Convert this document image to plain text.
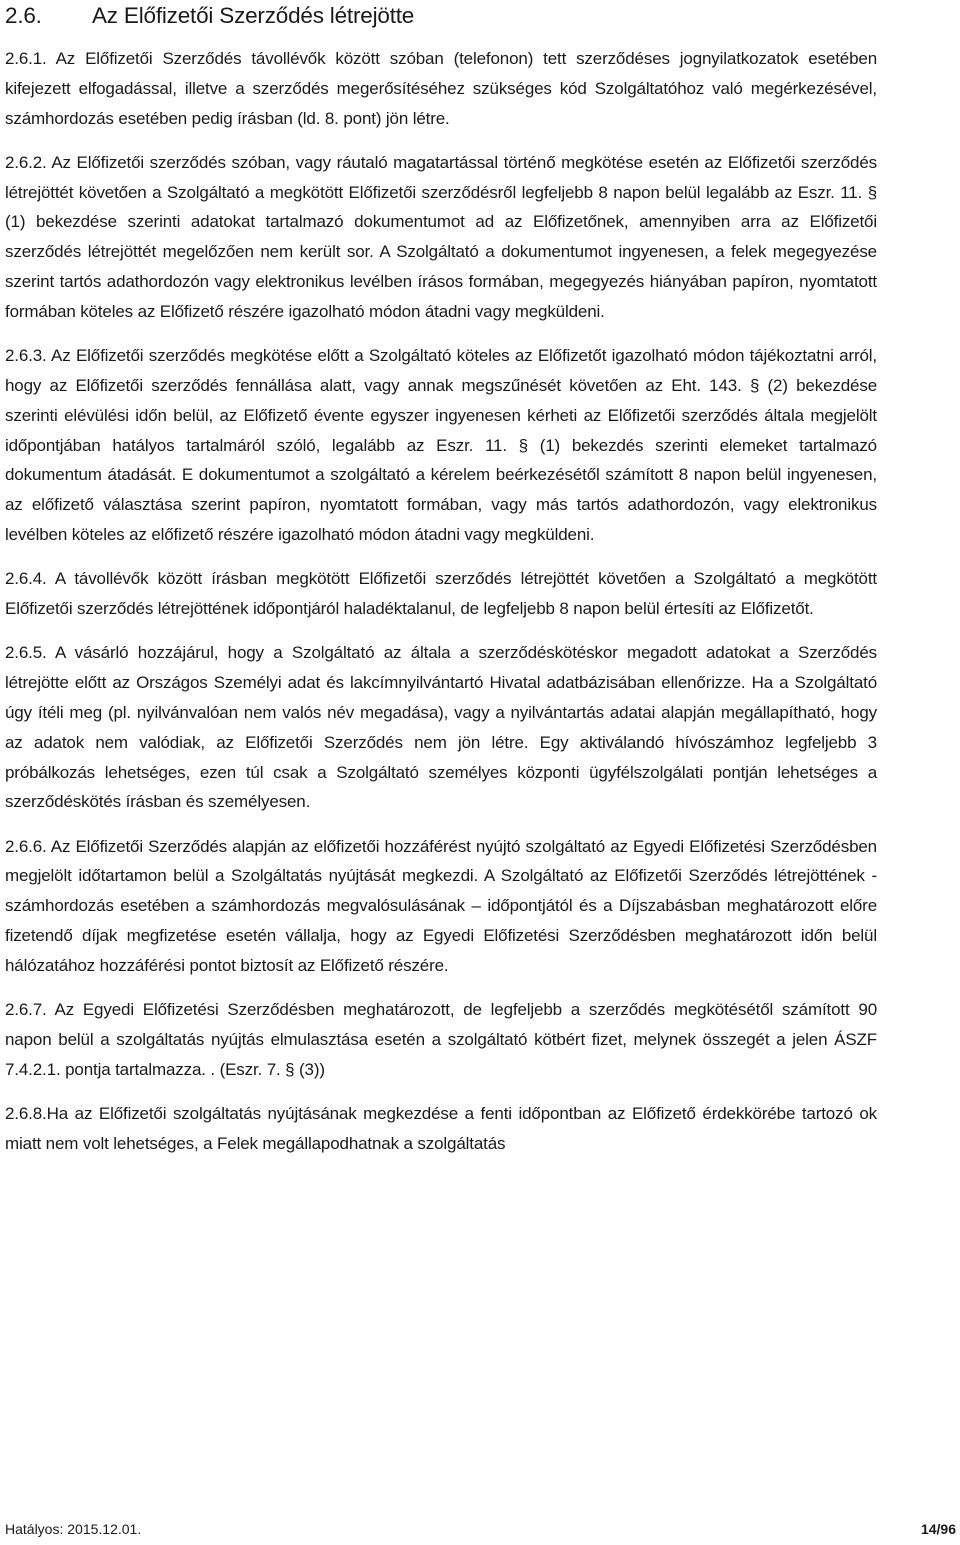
2.6. Az Előfizetői Szerződés létrejötte

2.6.1. Az Előfizetői Szerződés távollévők között szóban (telefonon) tett szerződéses jognyilatkozatok esetében kifejezett elfogadással, illetve a szerződés megerősítéséhez szükséges kód Szolgáltatóhoz való megérkezésével, számhordozás esetében pedig írásban (ld. 8. pont) jön létre.

2.6.2. Az Előfizetői szerződés szóban, vagy ráutaló magatartással történő megkötése esetén az Előfizetői szerződés létrejöttét követően a Szolgáltató a megkötött Előfizetői szerződésről legfeljebb 8 napon belül legalább az Eszr. 11. § (1) bekezdése szerinti adatokat tartalmazó dokumentumot ad az Előfizetőnek, amennyiben arra az Előfizetői szerződés létrejöttét megelőzően nem került sor. A Szolgáltató a dokumentumot ingyenesen, a felek megegyezése szerint tartós adathordozón vagy elektronikus levélben írásos formában, megegyezés hiányában papíron, nyomtatott formában köteles az Előfizető részére igazolható módon átadni vagy megküldeni.

2.6.3. Az Előfizetői szerződés megkötése előtt a Szolgáltató köteles az Előfizetőt igazolható módon tájékoztatni arról, hogy az Előfizetői szerződés fennállása alatt, vagy annak megszűnését követően az Eht. 143. § (2) bekezdése szerinti elévülési időn belül, az Előfizető évente egyszer ingyenesen kérheti az Előfizetői szerződés általa megjelölt időpontjában hatályos tartalmáról szóló, legalább az Eszr. 11. § (1) bekezdés szerinti elemeket tartalmazó dokumentum átadását. E dokumentumot a szolgáltató a kérelem beérkezésétől számított 8 napon belül ingyenesen, az előfizető választása szerint papíron, nyomtatott formában, vagy más tartós adathordozón, vagy elektronikus levélben köteles az előfizető részére igazolható módon átadni vagy megküldeni.

2.6.4. A távollévők között írásban megkötött Előfizetői szerződés létrejöttét követően a Szolgáltató a megkötött Előfizetői szerződés létrejöttének időpontjáról haladéktalanul, de legfeljebb 8 napon belül értesíti az Előfizetőt.

2.6.5. A vásárló hozzájárul, hogy a Szolgáltató az általa a szerződéskötéskor megadott adatokat a Szerződés létrejötte előtt az Országos Személyi adat és lakcímnyilvántartó Hivatal adatbázisában ellenőrizze. Ha a Szolgáltató úgy ítéli meg (pl. nyilvánvalóan nem valós név megadása), vagy a nyilvántartás adatai alapján megállapítható, hogy az adatok nem valódiak, az Előfizetői Szerződés nem jön létre. Egy aktiválandó hívószámhoz legfeljebb 3 próbálkozás lehetséges, ezen túl csak a Szolgáltató személyes központi ügyfélszolgálati pontján lehetséges a szerződéskötés írásban és személyesen.

2.6.6. Az Előfizetői Szerződés alapján az előfizetői hozzáférést nyújtó szolgáltató az Egyedi Előfizetési Szerződésben megjelölt időtartamon belül a Szolgáltatás nyújtását megkezdi. A Szolgáltató az Előfizetői Szerződés létrejöttének - számhordozás esetében a számhordozás megvalósulásának – időpontjától és a Díjszabásban meghatározott előre fizetendő díjak megfizetése esetén vállalja, hogy az Egyedi Előfizetési Szerződésben meghatározott időn belül hálózatához hozzáférési pontot biztosít az Előfizető részére.

2.6.7. Az Egyedi Előfizetési Szerződésben meghatározott, de legfeljebb a szerződés megkötésétől számított 90 napon belül a szolgáltatás nyújtás elmulasztása esetén a szolgáltató kötbért fizet, melynek összegét a jelen ÁSZF 7.4.2.1. pontja tartalmazza. . (Eszr. 7. § (3))

2.6.8.Ha az Előfizetői szolgáltatás nyújtásának megkezdése a fenti időpontban az Előfizető érdekkörébe tartozó ok miatt nem volt lehetséges, a Felek megállapodhatnak a szolgáltatás

Hatályos: 2015.12.01.	14/96
